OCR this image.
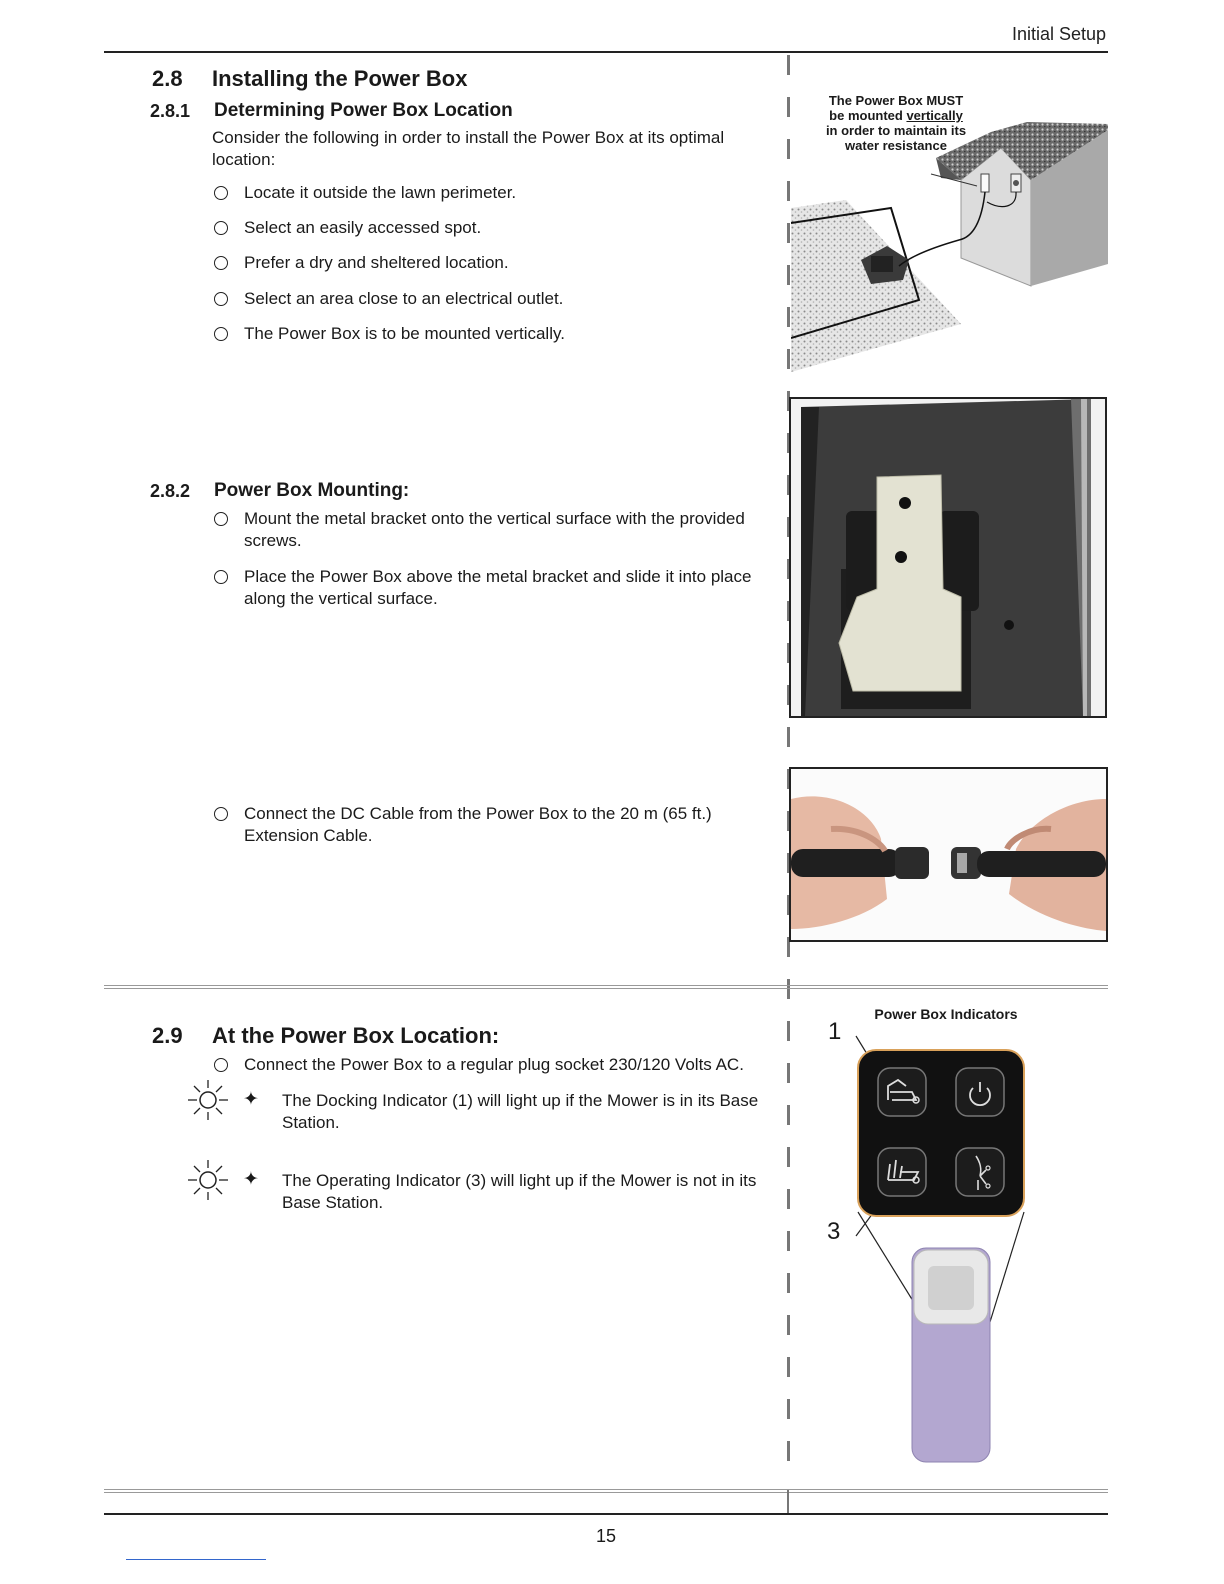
Initial Setup
2.8 Installing the Power Box
2.8.1 Determining Power Box Location
Consider the following in order to install the Power Box at its optimal location:
Locate it outside the lawn perimeter.
Select an easily accessed spot.
Prefer a dry and sheltered location.
Select an area close to an electrical outlet.
The Power Box is to be mounted vertically.
The Power Box MUST
be mounted vertically
in order to maintain its
water resistance
2.8.2 Power Box Mounting:
Mount the metal bracket onto the vertical surface with the provided screws.
Place the Power Box above the metal bracket and slide it into place along the vertical surface.
Connect the DC Cable from the Power Box to the 20 m (65 ft.) Extension Cable.
2.9 At the Power Box Location:
Connect the Power Box to a regular plug socket 230/120 Volts AC.
✦ The Docking Indicator (1) will light up if the Mower is in its Base Station.
✦ The Operating Indicator (3) will light up if the Mower is not in its Base Station.
Power Box Indicators
1
3
15
